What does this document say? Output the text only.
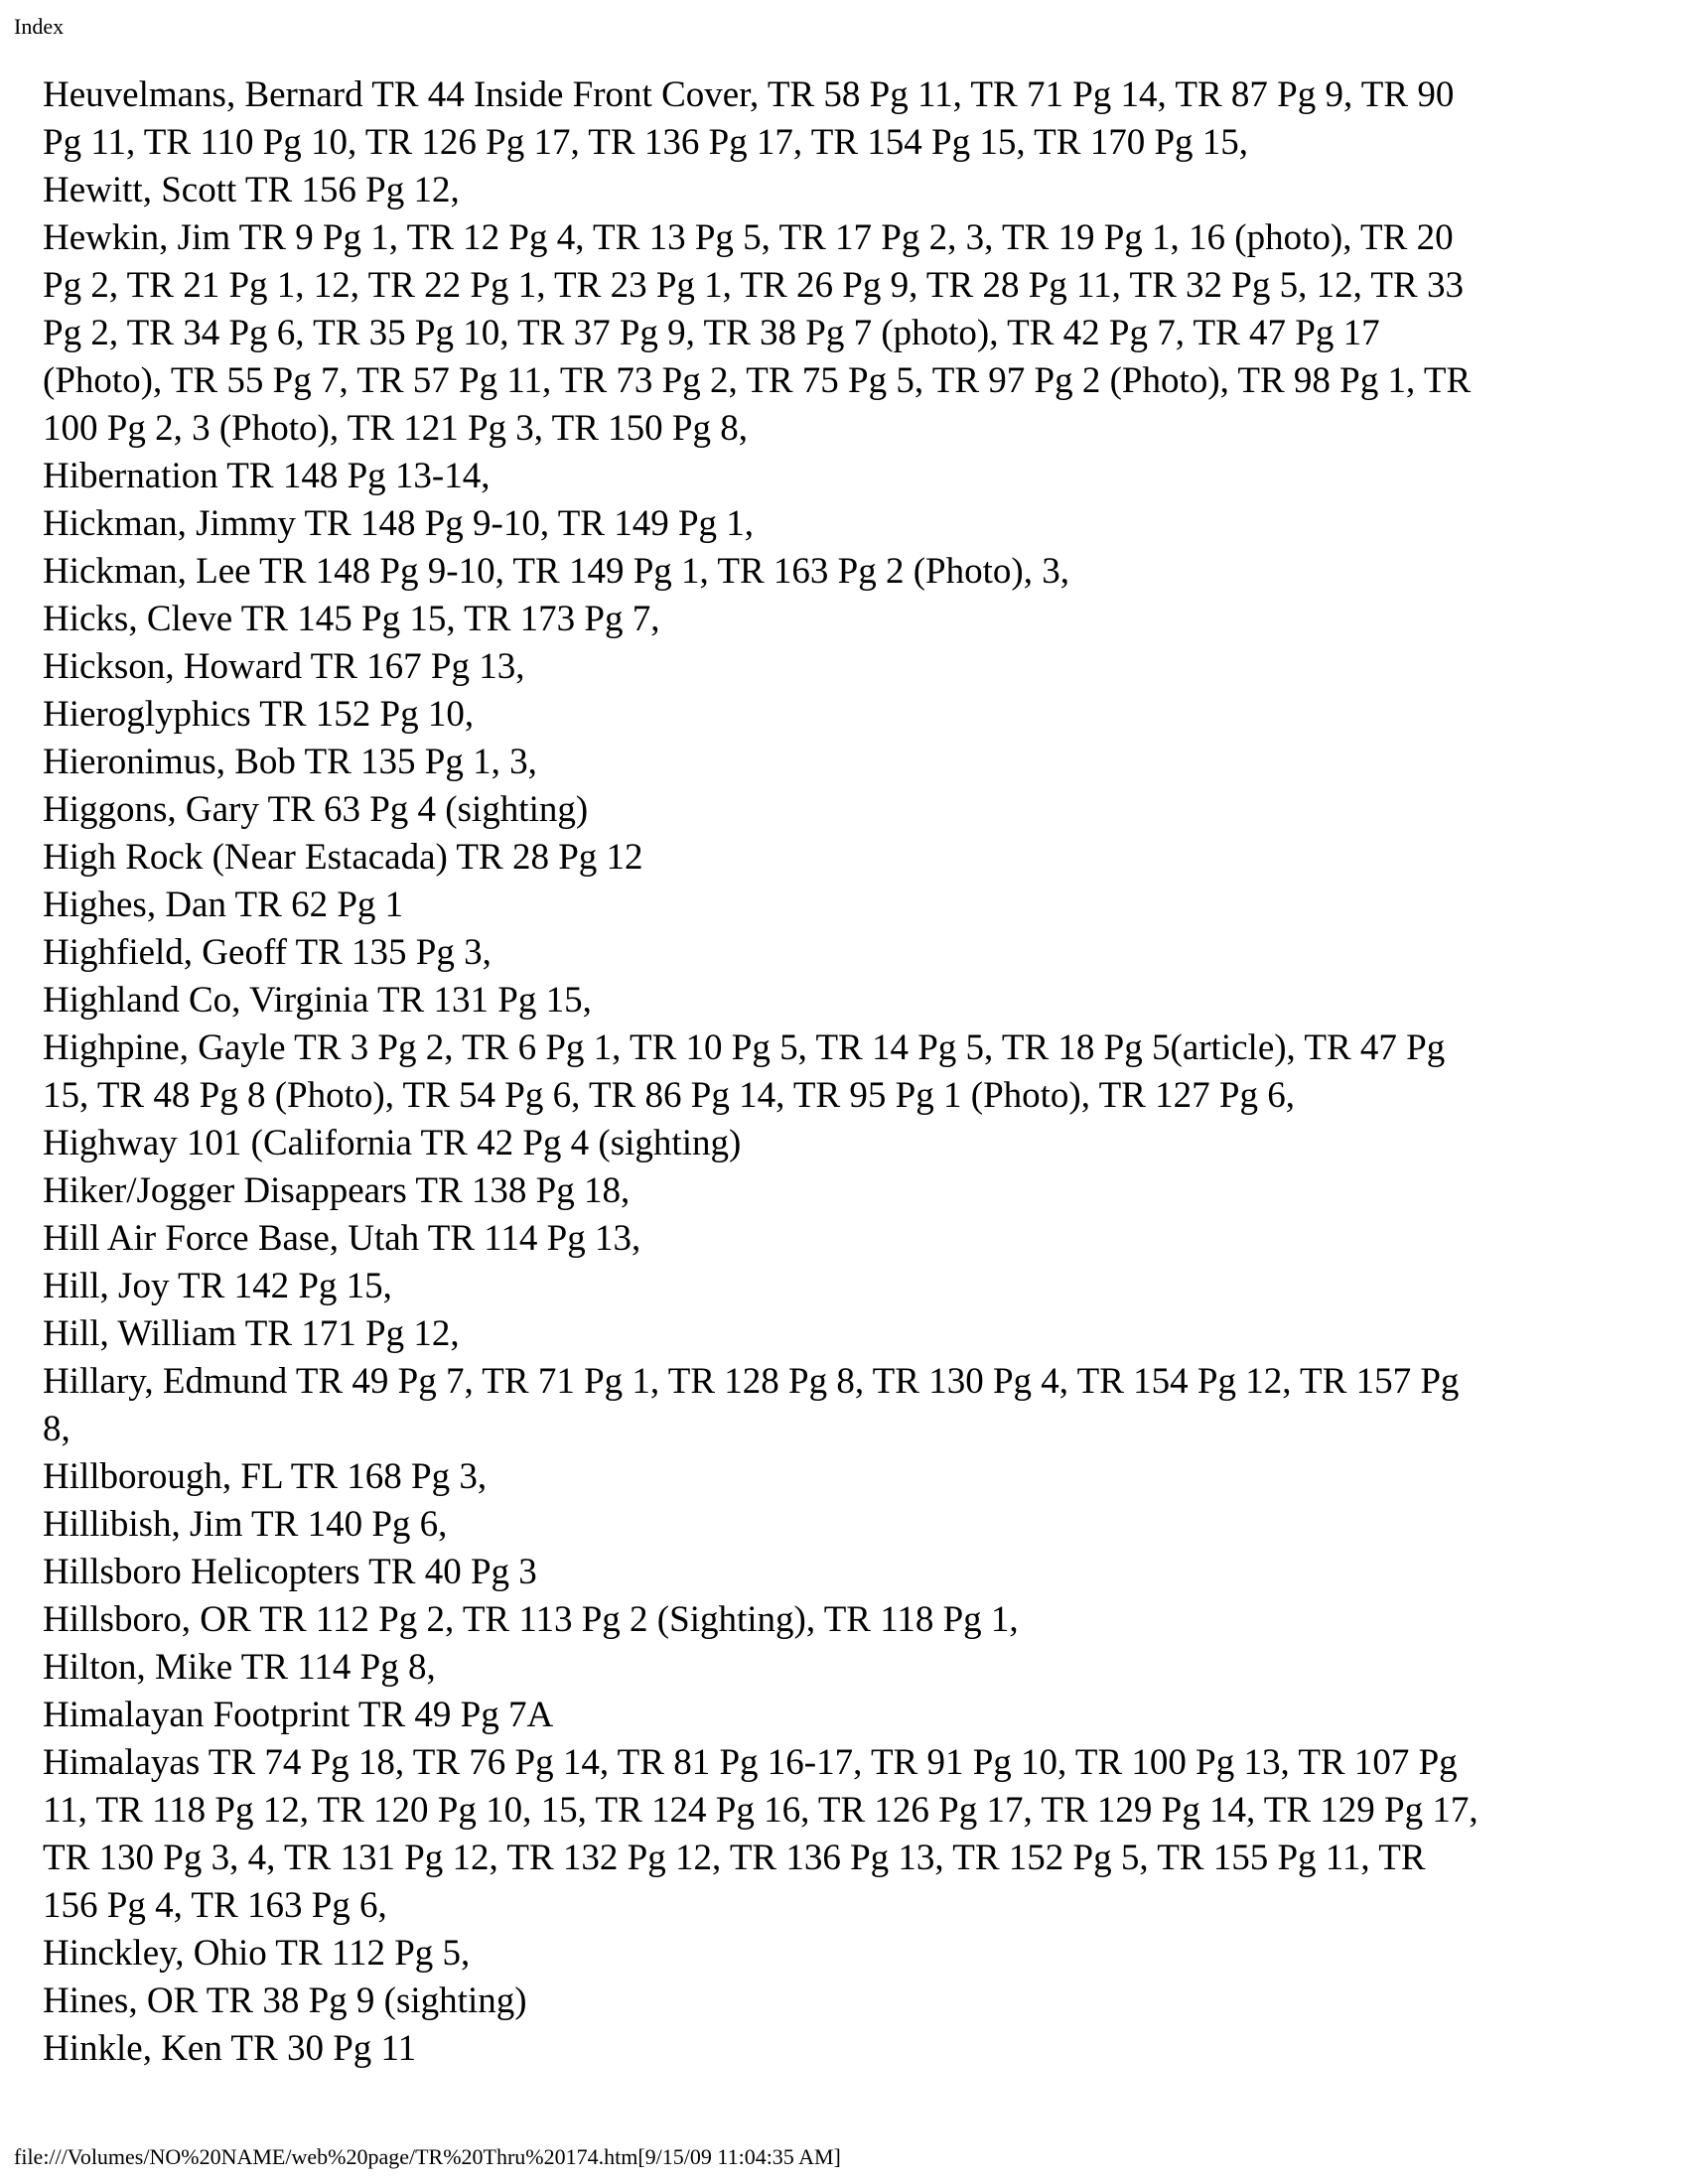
Index
Heuvelmans, Bernard TR 44 Inside Front Cover, TR 58 Pg 11, TR 71 Pg 14, TR 87 Pg 9, TR 90
Pg 11, TR 110 Pg 10, TR 126 Pg 17, TR 136 Pg 17, TR 154 Pg 15, TR 170 Pg 15,
Hewitt, Scott TR 156 Pg 12,
Hewkin, Jim TR 9 Pg 1, TR 12 Pg 4, TR 13 Pg 5, TR 17 Pg 2, 3, TR 19 Pg 1, 16 (photo), TR 20
Pg 2, TR 21 Pg 1, 12, TR 22 Pg 1, TR 23 Pg 1, TR 26 Pg 9, TR 28 Pg 11, TR 32 Pg 5, 12, TR 33
Pg 2, TR 34 Pg 6, TR 35 Pg 10, TR 37 Pg 9, TR 38 Pg 7 (photo), TR 42 Pg 7, TR 47 Pg 17
(Photo), TR 55 Pg 7, TR 57 Pg 11, TR 73 Pg 2, TR 75 Pg 5, TR 97 Pg 2 (Photo), TR 98 Pg 1, TR
100 Pg 2, 3 (Photo), TR 121 Pg 3, TR 150 Pg 8,
Hibernation TR 148 Pg 13-14,
Hickman, Jimmy TR 148 Pg 9-10, TR 149 Pg 1,
Hickman, Lee TR 148 Pg 9-10, TR 149 Pg 1, TR 163 Pg 2 (Photo), 3,
Hicks, Cleve TR 145 Pg 15, TR 173 Pg 7,
Hickson, Howard TR 167 Pg 13,
Hieroglyphics TR 152 Pg 10,
Hieronimus, Bob TR 135 Pg 1, 3,
Higgons, Gary TR 63 Pg 4 (sighting)
High Rock (Near Estacada) TR 28 Pg 12
Highes, Dan TR 62 Pg 1
Highfield, Geoff TR 135 Pg 3,
Highland Co, Virginia TR 131 Pg 15,
Highpine, Gayle TR 3 Pg 2, TR 6 Pg 1, TR 10 Pg 5, TR 14 Pg 5, TR 18 Pg 5(article), TR 47 Pg
15, TR 48 Pg 8 (Photo), TR 54 Pg 6, TR 86 Pg 14, TR 95 Pg 1 (Photo), TR 127 Pg 6,
Highway 101 (California TR 42 Pg 4 (sighting)
Hiker/Jogger Disappears TR 138 Pg 18,
Hill Air Force Base, Utah TR 114 Pg 13,
Hill, Joy TR 142 Pg 15,
Hill, William TR 171 Pg 12,
Hillary, Edmund TR 49 Pg 7, TR 71 Pg 1, TR 128 Pg 8, TR 130 Pg 4, TR 154 Pg 12, TR 157 Pg
8,
Hillborough, FL TR 168 Pg 3,
Hillibish, Jim TR 140 Pg 6,
Hillsboro Helicopters TR 40 Pg 3
Hillsboro, OR TR 112 Pg 2, TR 113 Pg 2 (Sighting), TR 118 Pg 1,
Hilton, Mike TR 114 Pg 8,
Himalayan Footprint TR 49 Pg 7A
Himalayas TR 74 Pg 18, TR 76 Pg 14, TR 81 Pg 16-17, TR 91 Pg 10, TR 100 Pg 13, TR 107 Pg
11, TR 118 Pg 12, TR 120 Pg 10, 15, TR 124 Pg 16, TR 126 Pg 17, TR 129 Pg 14, TR 129 Pg 17,
TR 130 Pg 3, 4, TR 131 Pg 12, TR 132 Pg 12, TR 136 Pg 13, TR 152 Pg 5, TR 155 Pg 11, TR
156 Pg 4, TR 163 Pg 6,
Hinckley, Ohio TR 112 Pg 5,
Hines, OR TR 38 Pg 9 (sighting)
Hinkle, Ken TR 30 Pg 11
file:///Volumes/NO%20NAME/web%20page/TR%20Thru%20174.htm[9/15/09 11:04:35 AM]
